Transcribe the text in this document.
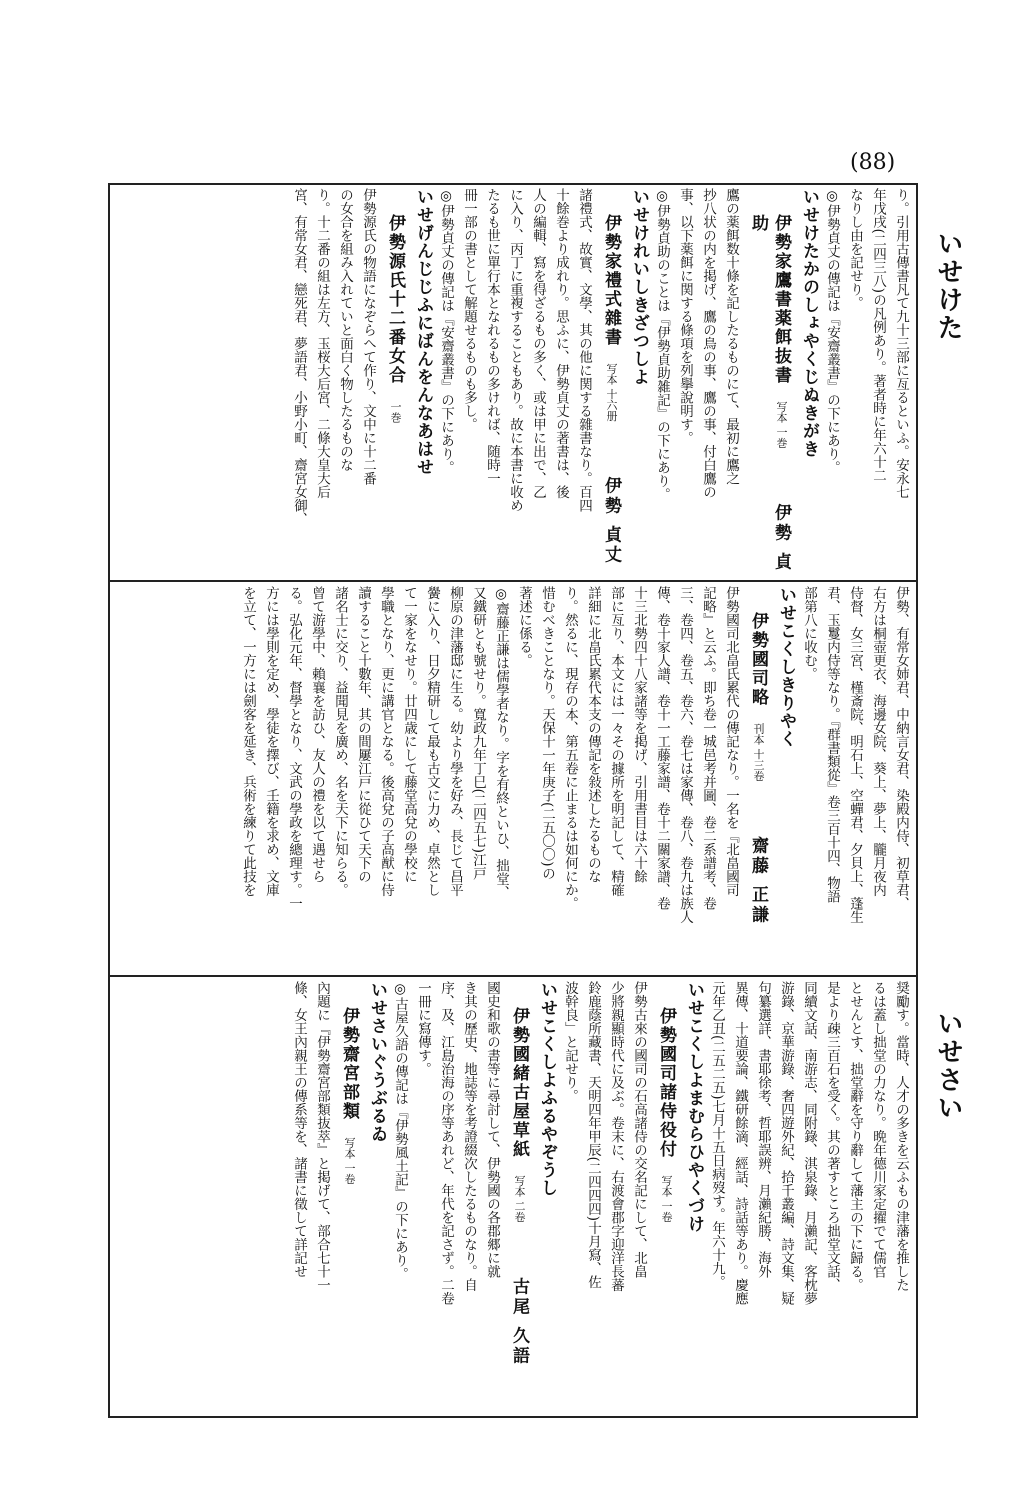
(88)
いせけた
いせさい
り。引用古傳書凡て九十三部に亙るといふ。安永七
年戊戌(二四三八)の凡例あり。著者時に年六十二
なりし由を記せり。
◎伊勢貞丈の傳記は『安齋叢書』の下にあり。
いせけたかのしょやくじぬきがき
伊勢家鷹書薬餌抜書 写本 一巻  伊勢 貞助
鷹の薬餌数十條を記したるものにて、最初に鷹之
抄八状の内を掲げ、鷹の鳥の事、鷹の事、付白鷹の
事、以下薬餌に関する條項を列擧說明す。
◎伊勢貞助のことは『伊勢貞助雑記』の下にあり。
いせけれいしきざつしよ
伊勢家禮式雜書 写本 十六册  伊勢 貞丈
諸禮式、故實、文學、其の他に関する雜書なり。百四
十餘巻より成れり。思ふに、伊勢貞丈の著書は、後
人の編輯、寫を得ざるもの多く、或は甲に出で、乙
に入り、丙丁に重複することもあり。故に本書に收め
たるも世に單行本となれるもの多ければ、随時一
冊一部の書として解題せるものも多し。
◎伊勢貞丈の傳記は『安齋叢書』の下にあり。
いせげんじじふにばんをんなあはせ
伊勢源氏十二番女合 一巻
伊勢源氏の物語になぞらへて作り、文中に十二番
の女合を組み入れていと面白く物したるものな
り。十二番の組は左方、玉桜大后宮、二條大皇大后
宮、有常女君、戀死君、夢語君、小野小町、齋宮女御、
伊勢、有常女姉君、中納言女君、染殿内侍、初草君、
右方は桐壺更衣、海邊女院、葵上、夢上、朧月夜内
侍督、女三宮、槿斎院、明石上、空蟬君、夕貝上、蓬生
君、玉鬘内侍等なり。『群書類從』卷三百十四、物語
部第八に收む。
いせこくしきりやく
伊勢國司略 刊本 十三卷  齋藤 正謙
伊勢國司北畠氏累代の傳記なり。一名を『北畠國司
記略』と云ふ。即ち卷一城邑考并圖、卷二系譜考、卷
三、卷四、卷五、卷六、卷七は家傳、卷八、卷九は族人
傳、卷十家人譜、卷十一工藤家譜、卷十二關家譜、卷
十三北勢四十八家諸等を掲げ、引用書目は六十餘
部に亙り、本文には一々その據所を明記して、精確
詳細に北畠氏累代本支の傳記を敍述したるものな
り。然るに、現存の本、第五卷に止まるは如何にか。
惜むべきことなり。天保十一年庚子(二五〇〇)の
著述に係る。
◎齋藤正謙は儒學者なり。字を有終といひ、拙堂、
又鐵研とも號せり。寬政九年丁巳(二四五七)江戸
柳原の津藩邸に生る。幼より學を好み、長じて昌平
黌に入り、日夕精研して最も古文に力め、卓然とし
て一家をなせり。廿四歳にして藤堂高兌の學校に
學職となり、更に講官となる。後高兌の子高猷に侍
讀すること十數年、其の間屢江戸に從ひて天下の
諸名士に交り、益聞見を廣め、名を天下に知らる。
曾て游學中、賴襄を訪ひ、友人の禮を以て遇せら
る。弘化元年、督學となり、文武の學政を總理す。一
方には學則を定め、學徒を擇び、壬籍を求め、文庫
を立て、一方には劍客を延き、兵術を練りて此技を
奨勵す。當時、人才の多きを云ふもの津藩を推した
るは蓋し拙堂の力なり。晩年德川家定擢でて儒官
とせんとす、拙堂辭を守り辭して藩主の下に歸る。
是より疎三百石を受く。其の著すところ拙堂文話、
同續文話、南游志、同附錄、淇泉錄、月瀨記、客枕夢
游錄、京華游錄、奢四遊外紀、拾千叢編、詩文集、疑
句纂選詳、書耶徐考、哲耶誤辨、月瀨紀勝、海外
異傳、十道要論、鐵研餘滴、經話、詩話等あり。慶應
元年乙丑(二五二五)七月十五日病歿す。年六十九。
いせこくしよまむらひやくづけ
伊勢國司諸侍役付 写本 一卷
伊勢古來の國司の石高諸侍の交名記にして、北畠
少將親顯時代に及ぶ。卷末に、右渡會郡字迎洋長蕃
鈴鹿蔭所藏書、天明四年甲辰(二四四四)十月寫、佐
波幹良」と記せり。
いせこくしよふるやぞうし
伊勢國緒古屋草紙 写本 二卷  古尾 久語
國史和歌の書等に尋討して、伊勢國の各郡郷に就
き其の歷史、地誌等を考證綴次したるものなり。自
序、及、江島治海の序等あれど、年代を記さず。二卷
一冊に寫傳す。
◎古屋久語の傳記は『伊勢風土記』の下にあり。
いせさいぐうぶるゐ
伊勢齋宮部類 写本 一卷
內題に『伊勢齋宮部類抜萃』と掲げて、部合七十一
條、女王內親王の傳系等を、諸書に徵して詳記せ
